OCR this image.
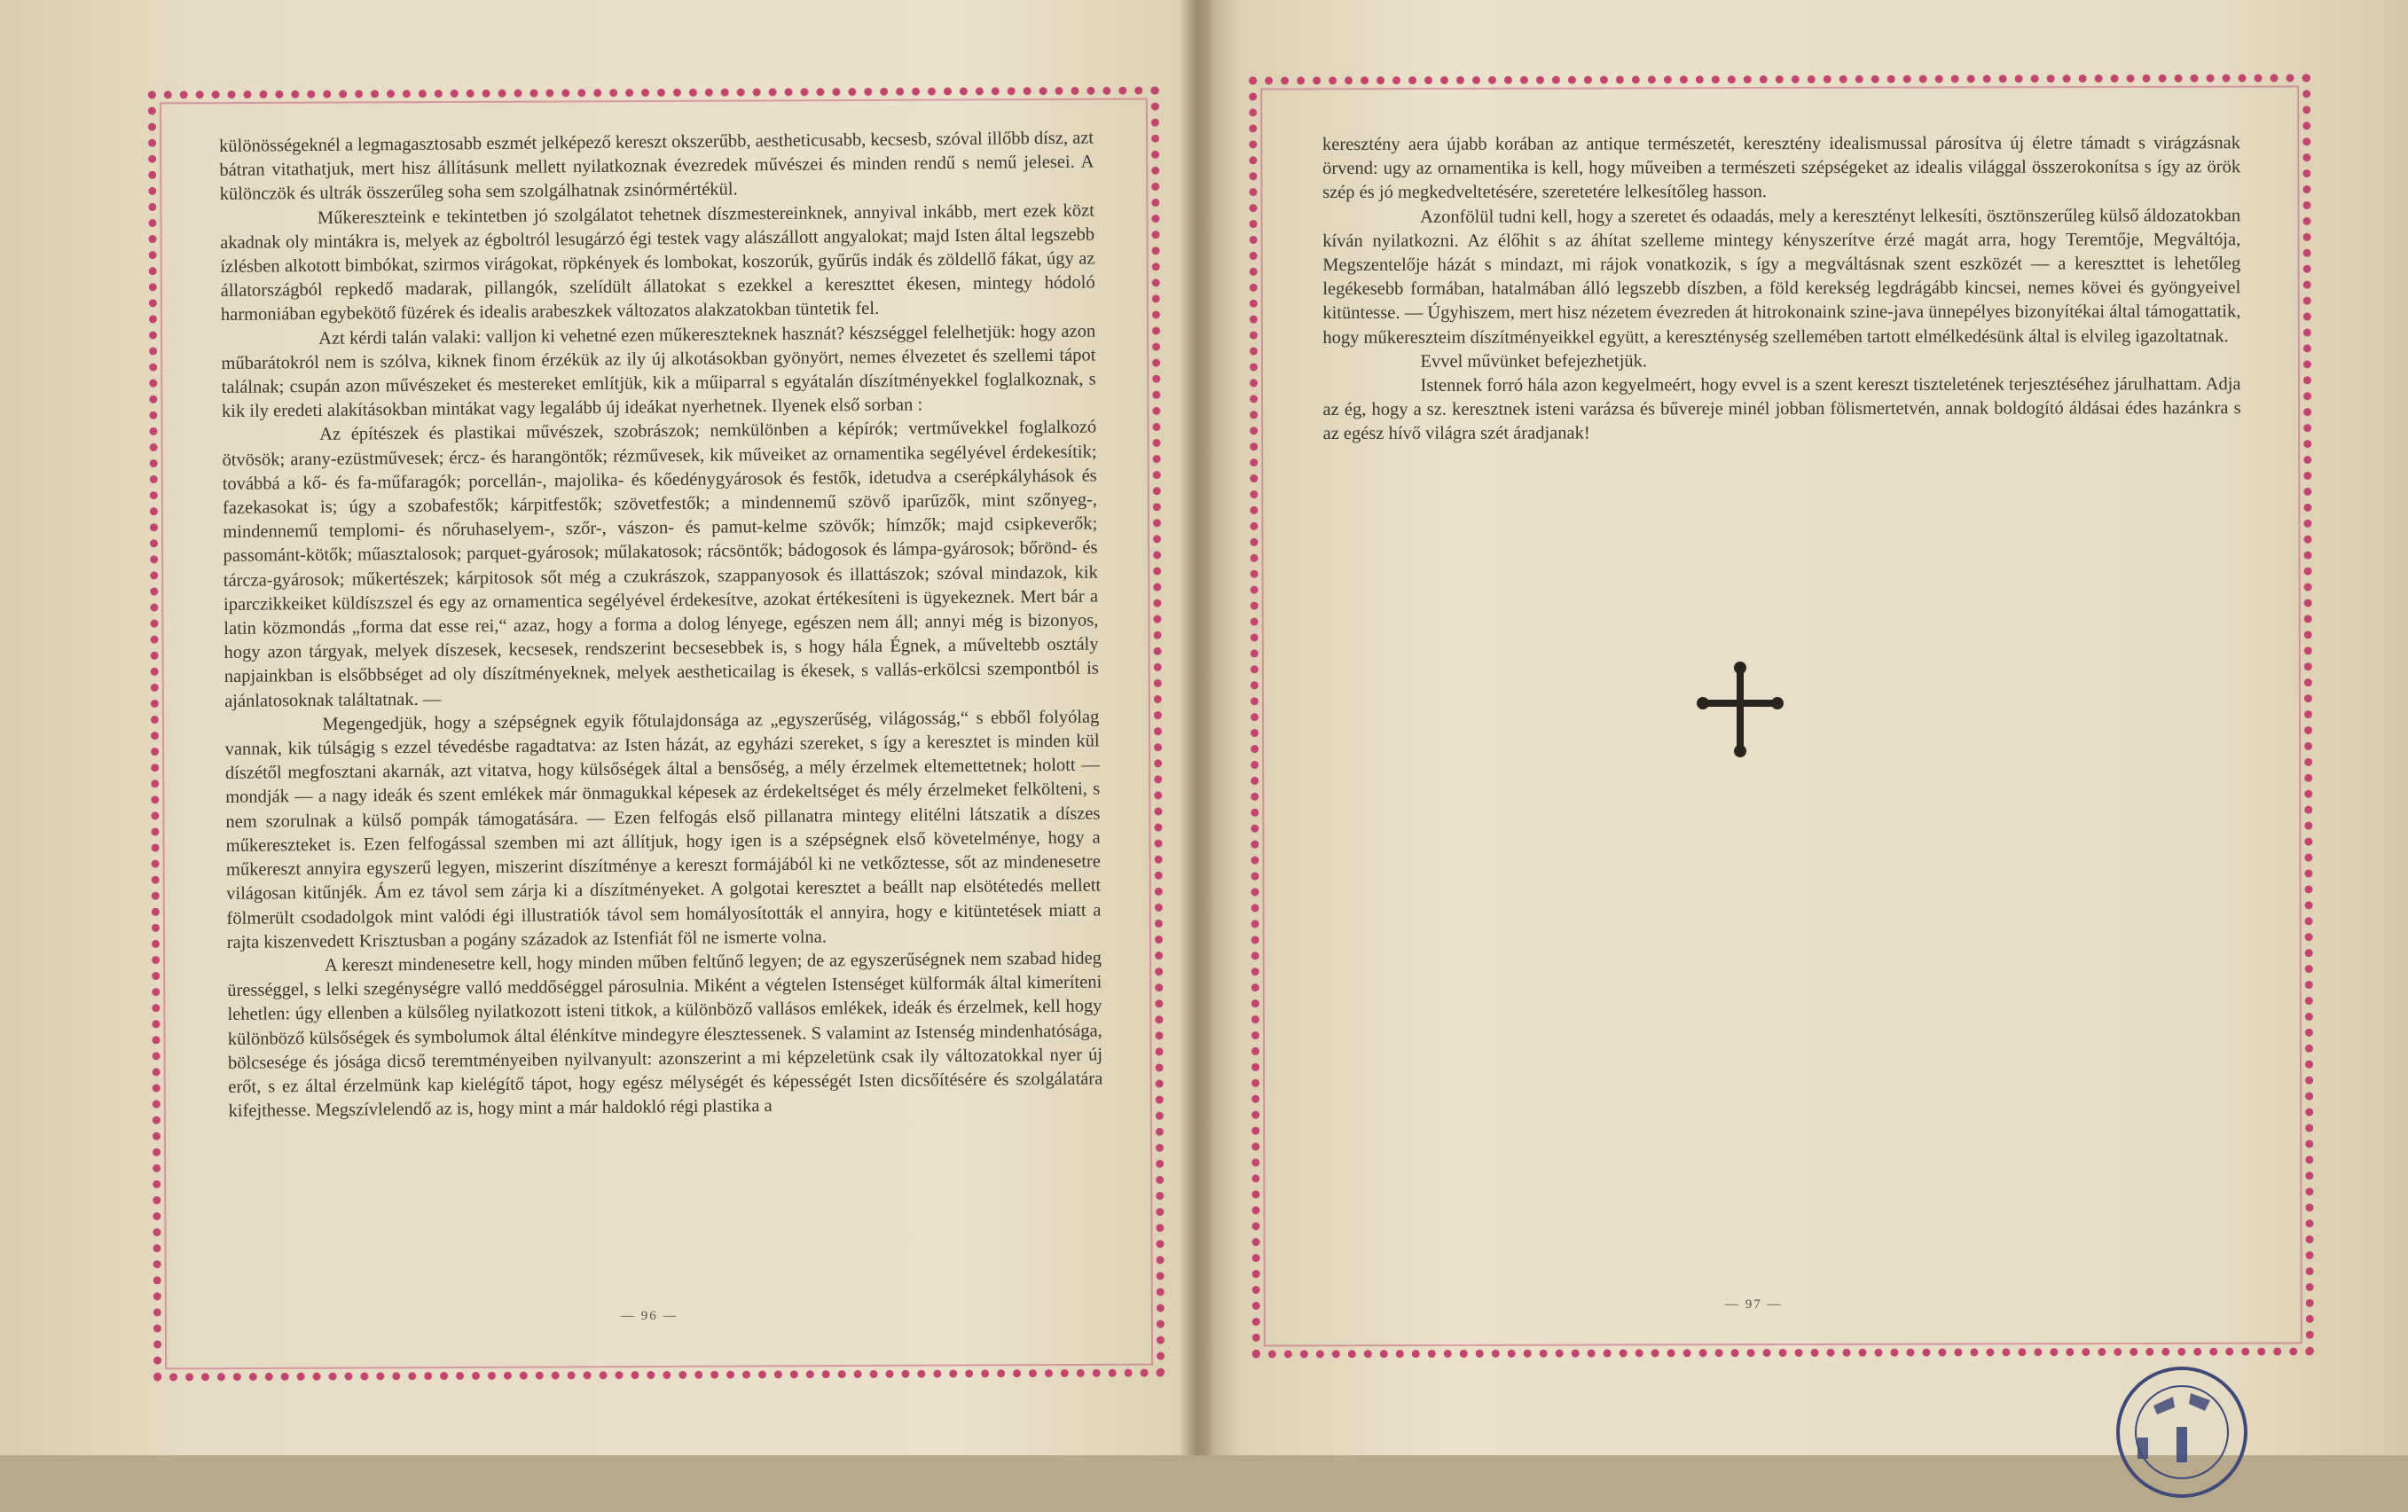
különösségeknél a legmagasztosabb eszmét jelképező kereszt okszerűbb, aestheticusabb, kecsesb, szóval illőbb dísz, azt bátran vitathatjuk, mert hisz állításunk mellett nyilatkoznak évezredek művészei és minden rendű s nemű jelesei. A különczök és ultrák összerűleg soha sem szolgálhatnak zsinórmértékül.

Műkereszteink e tekintetben jó szolgálatot tehetnek díszmestereinknek, annyival inkább, mert ezek közt akadnak oly mintákra is, melyek az égboltról lesugárzó égi testek vagy alászállott angyalokat; majd Isten által legszebb ízlésben alkotott bimbókat, szirmos virágokat, röpkények és lombokat, koszorúk, gyűrűs indák és zöldellő fákat, úgy az állatországból repkedő madarak, pillangók, szelídült állatokat s ezekkel a kereszttet ékesen, mintegy hódoló harmoniában egybekötő füzérek és idealis arabeszkek változatos alakzatokban tüntetik fel.

Azt kérdi talán valaki: valljon ki vehetné ezen műkereszteknek hasznát? készséggel felelhetjük: hogy azon műbarátokról nem is szólva, kiknek finom érzékük az ily új alkotásokban gyönyört, nemes élvezetet és szellemi tápot találnak; csupán azon művészeket és mestereket említjük, kik a műiparral s egyátalán díszítményekkel foglalkoznak, s kik ily eredeti alakításokban mintákat vagy legalább új ideákat nyerhetnek. Ilyenek első sorban :

Az építészek és plastikai művészek, szobrászok; nemkülönben a képírók; vertművekkel foglalkozó ötvösök; arany-ezüstművesek; ércz- és harangöntők; rézművesek, kik műveiket az ornamentika segélyével érdekesítik; továbbá a kő- és fa-műfaragók; porcellán-, majolika- és kőedénygyárosok és festők, idetudva a cserépkályhások és fazekasokat is; úgy a szobafestők; kárpitfestők; szövetfestők; a mindennemű szövő iparűzők, mint szőnyeg-, mindennemű templomi- és nőruhaselyem-, szőr-, vászon- és pamut-kelme szövők; hímzők; majd csipkeverők; passománt-kötők; műasztalosok; parquet-gyárosok; műlakatosok; rácsöntők; bádogosok és lámpa-gyárosok; bőrönd- és tárcza-gyárosok; műkertészek; kárpitosok sőt még a czukrászok, szappanyosok és illattászok; szóval mindazok, kik iparczikkeiket küldíszszel és egy az ornamentica segélyével érdekesítve, azokat értékesíteni is ügyekeznek. Mert bár a latin közmondás „forma dat esse rei,“ azaz, hogy a forma a dolog lényege, egészen nem áll; annyi még is bizonyos, hogy azon tárgyak, melyek díszesek, kecsesek, rendszerint becsesebbek is, s hogy hála Égnek, a műveltebb osztály napjainkban is elsőbbséget ad oly díszítményeknek, melyek aestheticailag is ékesek, s vallás-erkölcsi szempontból is ajánlatosoknak találtatnak. —

Megengedjük, hogy a szépségnek egyik főtulajdonsága az „egyszerűség, világosság,“ s ebből folyólag vannak, kik túlságig s ezzel tévedésbe ragadtatva: az Isten házát, az egyházi szereket, s így a keresztet is minden kül díszétől megfosztani akarnák, azt vitatva, hogy külsőségek által a bensőség, a mély érzelmek eltemettetnek; holott — mondják — a nagy ideák és szent emlékek már önmagukkal képesek az érdekeltséget és mély érzelmeket felkölteni, s nem szorulnak a külső pompák támogatására. — Ezen felfogás első pillanatra mintegy elitélni látszatik a díszes műkereszteket is. Ezen felfogással szemben mi azt állítjuk, hogy igen is a szépségnek első követelménye, hogy a műkereszt annyira egyszerű legyen, miszerint díszítménye a kereszt formájából ki ne vetkőztesse, sőt az mindenesetre világosan kitűnjék. Ám ez távol sem zárja ki a díszítményeket. A golgotai keresztet a beállt nap elsötétedés mellett fölmerült csodadolgok mint valódi égi illustratiók távol sem homályosították el annyira, hogy e kitüntetések miatt a rajta kiszenvedett Krisztusban a pogány századok az Istenfiát föl ne ismerte volna.

A kereszt mindenesetre kell, hogy minden műben feltűnő legyen; de az egyszerűségnek nem szabad hideg ürességgel, s lelki szegénységre valló meddőséggel párosulnia. Miként a végtelen Istenséget külformák által kimeríteni lehetlen: úgy ellenben a külsőleg nyilatkozott isteni titkok, a különböző vallásos emlékek, ideák és érzelmek, kell hogy különböző külsőségek és symbolumok által élénkítve mindegyre élesztessenek. S valamint az Istenség mindenhatósága, bölcsesége és jósága dicső teremtményeiben nyilvanyult: azonszerint a mi képzeletünk csak ily változatokkal nyer új erőt, s ez által érzelmünk kap kielégítő tápot, hogy egész mélységét és képességét Isten dicsőítésére és szolgálatára kifejthesse. Megszívlelendő az is, hogy mint a már haldokló régi plastika a

— 96 —

keresztény aera újabb korában az antique természetét, keresztény idealismussal párosítva új életre támadt s virágzásnak örvend: ugy az ornamentika is kell, hogy műveiben a természeti szépségeket az idealis világgal összerokonítsa s így az örök szép és jó megkedveltetésére, szeretetére lelkesítőleg hasson.

Azonfölül tudni kell, hogy a szeretet és odaadás, mely a keresztényt lelkesíti, ösztönszerűleg külső áldozatokban kíván nyilatkozni. Az élőhit s az áhítat szelleme mintegy kényszerítve érzé magát arra, hogy Teremtője, Megváltója, Megszentelője házát s mindazt, mi rájok vonatkozik, s így a megváltásnak szent eszközét — a kereszttet is lehetőleg legékesebb formában, hatalmában álló legszebb díszben, a föld kerekség legdrágább kincsei, nemes kövei és gyöngyeivel kitüntesse. — Úgyhiszem, mert hisz nézetem évezreden át hitrokonaink szine-java ünnepélyes bizonyítékai által támogattatik, hogy műkereszteim díszítményeikkel együtt, a kereszténység szellemében tartott elmélkedésünk által is elvileg igazoltatnak.

Evvel művünket befejezhetjük.

Istennek forró hála azon kegyelmeért, hogy evvel is a szent kereszt tiszteletének terjesztéséhez járulhattam. Adja az ég, hogy a sz. keresztnek isteni varázsa és bűvereje minél jobban fölismertetvén, annak boldogító áldásai édes hazánkra s az egész hívő világra szét áradjanak!

— 97 —
